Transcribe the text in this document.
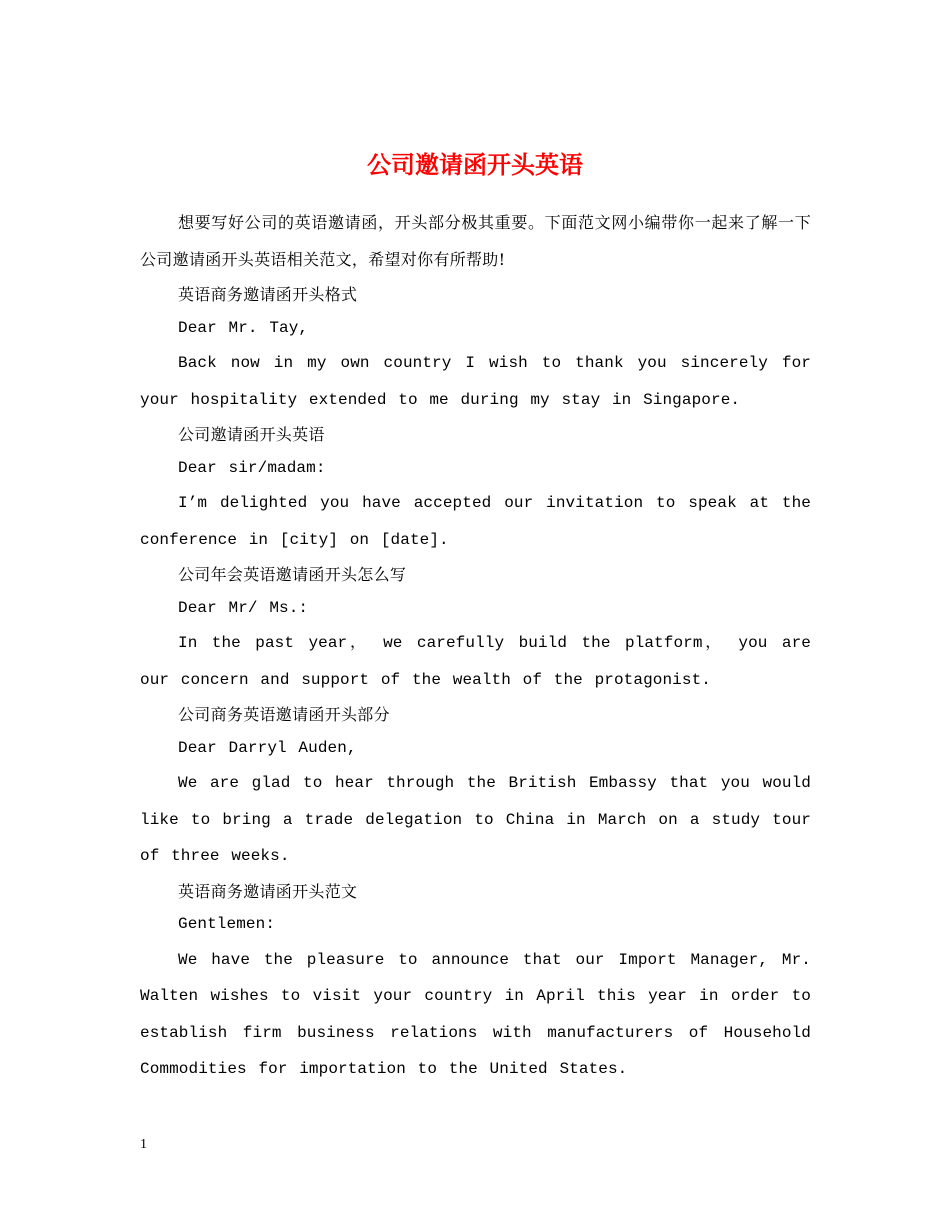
公司邀请函开头英语

想要写好公司的英语邀请函，开头部分极其重要。下面范文网小编带你一起来了解一下公司邀请函开头英语相关范文，希望对你有所帮助!

英语商务邀请函开头格式

Dear Mr. Tay,

Back now in my own country I wish to thank you sincerely for your hospitality extended to me during my stay in Singapore.

公司邀请函开头英语

Dear sir/madam:

I’m delighted you have accepted our invitation to speak at the conference in [city] on [date].

公司年会英语邀请函开头怎么写

Dear Mr/ Ms.:

In the past year， we carefully build the platform， you are our concern and support of the wealth of the protagonist.

公司商务英语邀请函开头部分

Dear Darryl Auden,

We are glad to hear through the British Embassy that you would like to bring a trade delegation to China in March on a study tour of three weeks.

英语商务邀请函开头范文

Gentlemen:

We have the pleasure to announce that our Import Manager, Mr. Walten wishes to visit your country in April this year in order to establish firm business relations with manufacturers of Household Commodities for importation to the United States.

1
